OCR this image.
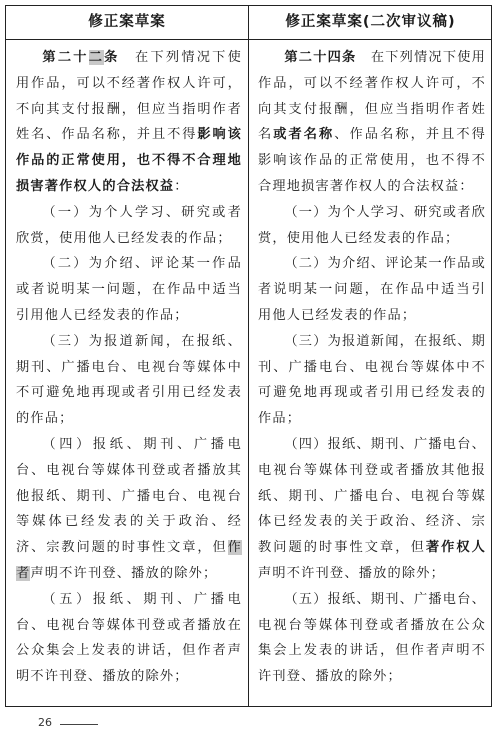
修正案草案	修正案草案(二次审议稿)

第二十二条　 在下列情况下使用作品，可以不经著作权人许可，不向其支付报酬，但应当指明作者姓名、作品名称，并且不得影响该作品的正常使用，也不得不合理地损害著作权人的合法权益：

（一）为个人学习、研究或者欣赏，使用他人已经发表的作品；

（二）为介绍、评论某一作品或者说明某一问题，在作品中适当引用他人已经发表的作品；

（三）为报道新闻，在报纸、期刊、广播电台、电视台等媒体中不可避免地再现或者引用已经发表的作品；

（四）报纸、期刊、广播电台、电视台等媒体刊登或者播放其他报纸、期刊、广播电台、电视台等媒体已经发表的关于政治、经济、宗教问题的时事性文章，但作者声明不许刊登、播放的除外；

（五）报纸、期刊、广播电台、电视台等媒体刊登或者播放在公众集会上发表的讲话，但作者声明不许刊登、播放的除外；

第二十四条　 在下列情况下使用作品，可以不经著作权人许可，不向其支付报酬，但应当指明作者姓名或者名称、作品名称，并且不得影响该作品的正常使用，也不得不合理地损害著作权人的合法权益：

（一）为个人学习、研究或者欣赏，使用他人已经发表的作品；

（二）为介绍、评论某一作品或者说明某一问题，在作品中适当引用他人已经发表的作品；

（三）为报道新闻，在报纸、期刊、广播电台、电视台等媒体中不可避免地再现或者引用已经发表的作品；

（四）报纸、期刊、广播电台、电视台等媒体刊登或者播放其他报纸、期刊、广播电台、电视台等媒体已经发表的关于政治、经济、宗教问题的时事性文章，但著作权人声明不许刊登、播放的除外；

（五）报纸、期刊、广播电台、电视台等媒体刊登或者播放在公众集会上发表的讲话，但作者声明不许刊登、播放的除外；

26
